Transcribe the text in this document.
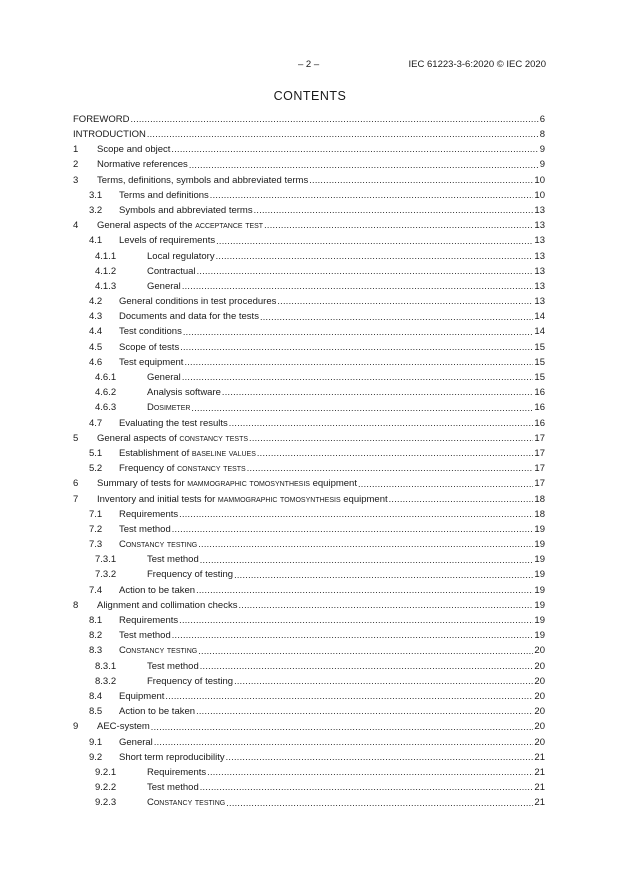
– 2 –	IEC 61223-3-6:2020 © IEC 2020
CONTENTS
FOREWORD .....	6
INTRODUCTION .....	8
1	Scope and object .....	9
2	Normative references .....	9
3	Terms, definitions, symbols and abbreviated terms .....	10
3.1	Terms and definitions .....	10
3.2	Symbols and abbreviated terms .....	13
4	General aspects of the acceptance test .....	13
4.1	Levels of requirements .....	13
4.1.1	Local regulatory .....	13
4.1.2	Contractual .....	13
4.1.3	General .....	13
4.2	General conditions in test procedures .....	13
4.3	Documents and data for the tests .....	14
4.4	Test conditions .....	14
4.5	Scope of tests .....	15
4.6	Test equipment .....	15
4.6.1	General .....	15
4.6.2	Analysis software .....	16
4.6.3	Dosimeter .....	16
4.7	Evaluating the test results .....	16
5	General aspects of constancy tests .....	17
5.1	Establishment of baseline values .....	17
5.2	Frequency of constancy tests .....	17
6	Summary of tests for mammographic tomosynthesis equipment .....	17
7	Inventory and initial tests for mammographic tomosynthesis equipment .....	18
7.1	Requirements .....	18
7.2	Test method .....	19
7.3	Constancy testing .....	19
7.3.1	Test method .....	19
7.3.2	Frequency of testing .....	19
7.4	Action to be taken .....	19
8	Alignment and collimation checks .....	19
8.1	Requirements .....	19
8.2	Test method .....	19
8.3	Constancy testing .....	20
8.3.1	Test method .....	20
8.3.2	Frequency of testing .....	20
8.4	Equipment .....	20
8.5	Action to be taken .....	20
9	AEC-system .....	20
9.1	General .....	20
9.2	Short term reproducibility .....	21
9.2.1	Requirements .....	21
9.2.2	Test method .....	21
9.2.3	Constancy testing .....	21
